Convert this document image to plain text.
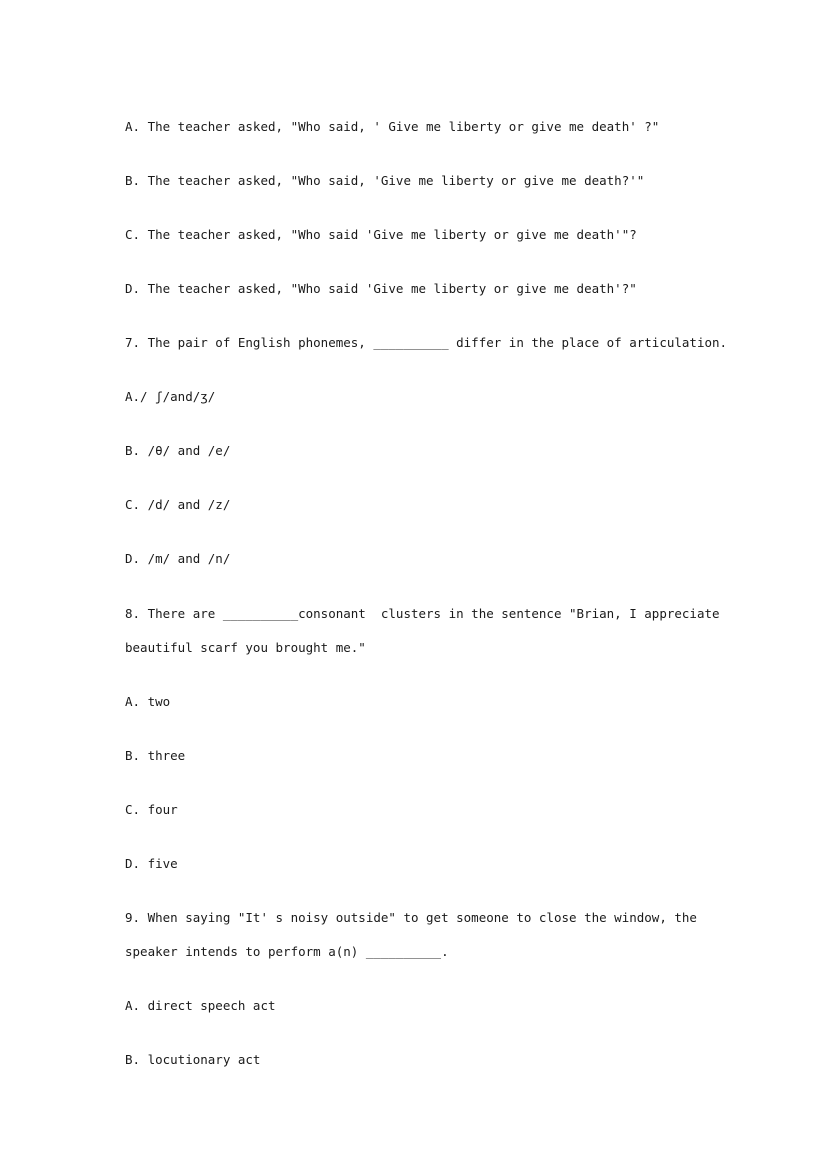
A. The teacher asked, "Who said, ' Give me liberty or give me death' ?"
B. The teacher asked, "Who said, 'Give me liberty or give me death?'"
C. The teacher asked, "Who said 'Give me liberty or give me death'"?
D. The teacher asked, "Who said 'Give me liberty or give me death'?"
7. The pair of English phonemes, __________ differ in the place of articulation.
A./ ʃ/and/ʒ/
B. /θ/ and /e/
C. /d/ and /z/
D. /m/ and /n/
8. There are __________consonant  clusters in the sentence "Brian, I appreciate
beautiful scarf you brought me."
A. two
B. three
C. four
D. five
9. When saying "It' s noisy outside" to get someone to close the window, the
speaker intends to perform a(n) __________.
A. direct speech act
B. locutionary act
